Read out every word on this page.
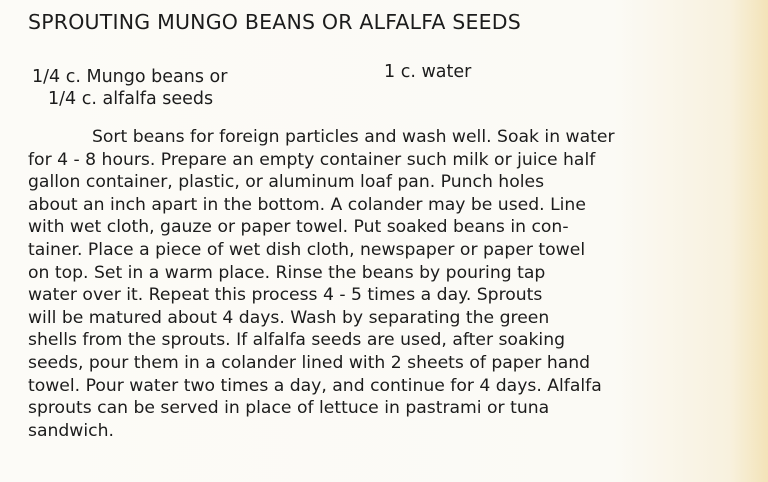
SPROUTING MUNGO BEANS OR ALFALFA SEEDS
1/4 c. Mungo beans or
1/4 c. alfalfa seeds
1 c. water
Sort beans for foreign particles and wash well. Soak in water
for 4 - 8 hours. Prepare an empty container such milk or juice half
gallon container, plastic, or aluminum loaf pan. Punch holes
about an inch apart in the bottom. A colander may be used. Line
with wet cloth, gauze or paper towel. Put soaked beans in con-
tainer. Place a piece of wet dish cloth, newspaper or paper towel
on top. Set in a warm place. Rinse the beans by pouring tap
water over it. Repeat this process 4 - 5 times a day. Sprouts
will be matured about 4 days. Wash by separating the green
shells from the sprouts. If alfalfa seeds are used, after soaking
seeds, pour them in a colander lined with 2 sheets of paper hand
towel. Pour water two times a day, and continue for 4 days. Alfalfa
sprouts can be served in place of lettuce in pastrami or tuna
sandwich.
